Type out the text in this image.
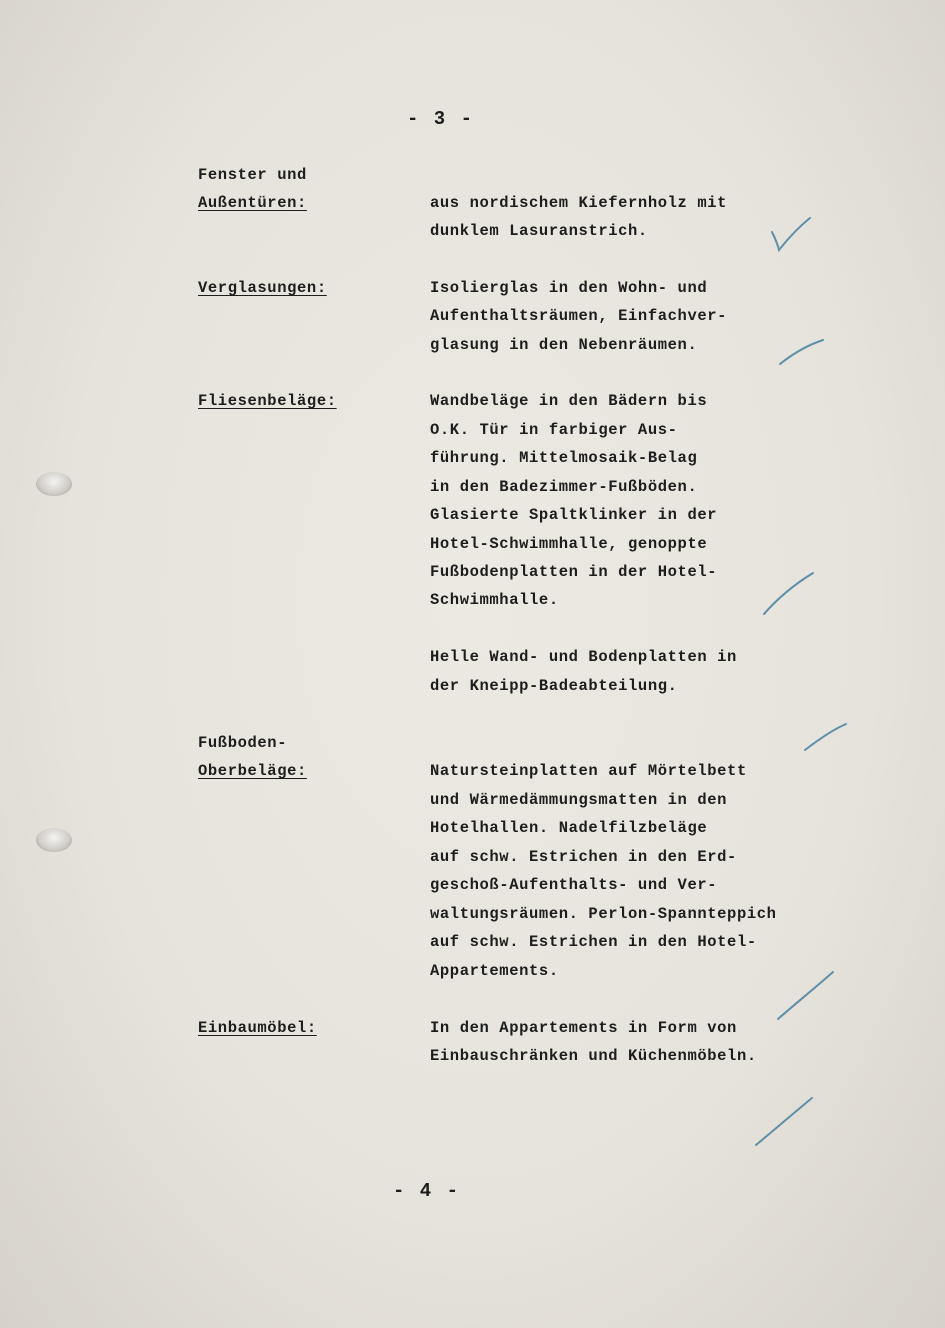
- 3 -
Fenster und
Außentüren:	aus nordischem Kiefernholz mit
dunklem Lasuranstrich.
Verglasungen:	Isolierglas in den Wohn- und
Aufenthaltsräumen, Einfachver-
glasung in den Nebenräumen.
Fliesenbeläge:	Wandbeläge in den Bädern bis
O.K. Tür in farbiger Aus-
führung. Mittelmosaik-Belag
in den Badezimmer-Fußböden.
Glasierte Spaltklinker in der
Hotel-Schwimmhalle, genoppte
Fußbodenplatten in der Hotel-
Schwimmhalle.
Helle Wand- und Bodenplatten in
der Kneipp-Badeabteilung.
Fußboden-
Oberbeläge:	Natursteinplatten auf Mörtelbett
und Wärmedämmungsmatten in den
Hotelhallen. Nadelfilzbeläge
auf schw. Estrichen in den Erd-
geschoß-Aufenthalts- und Ver-
waltungsräumen. Perlon-Spannteppich
auf schw. Estrichen in den Hotel-
Appartements.
Einbaumöbel:	In den Appartements in Form von
Einbauschränken und Küchenmöbeln.
- 4 -
